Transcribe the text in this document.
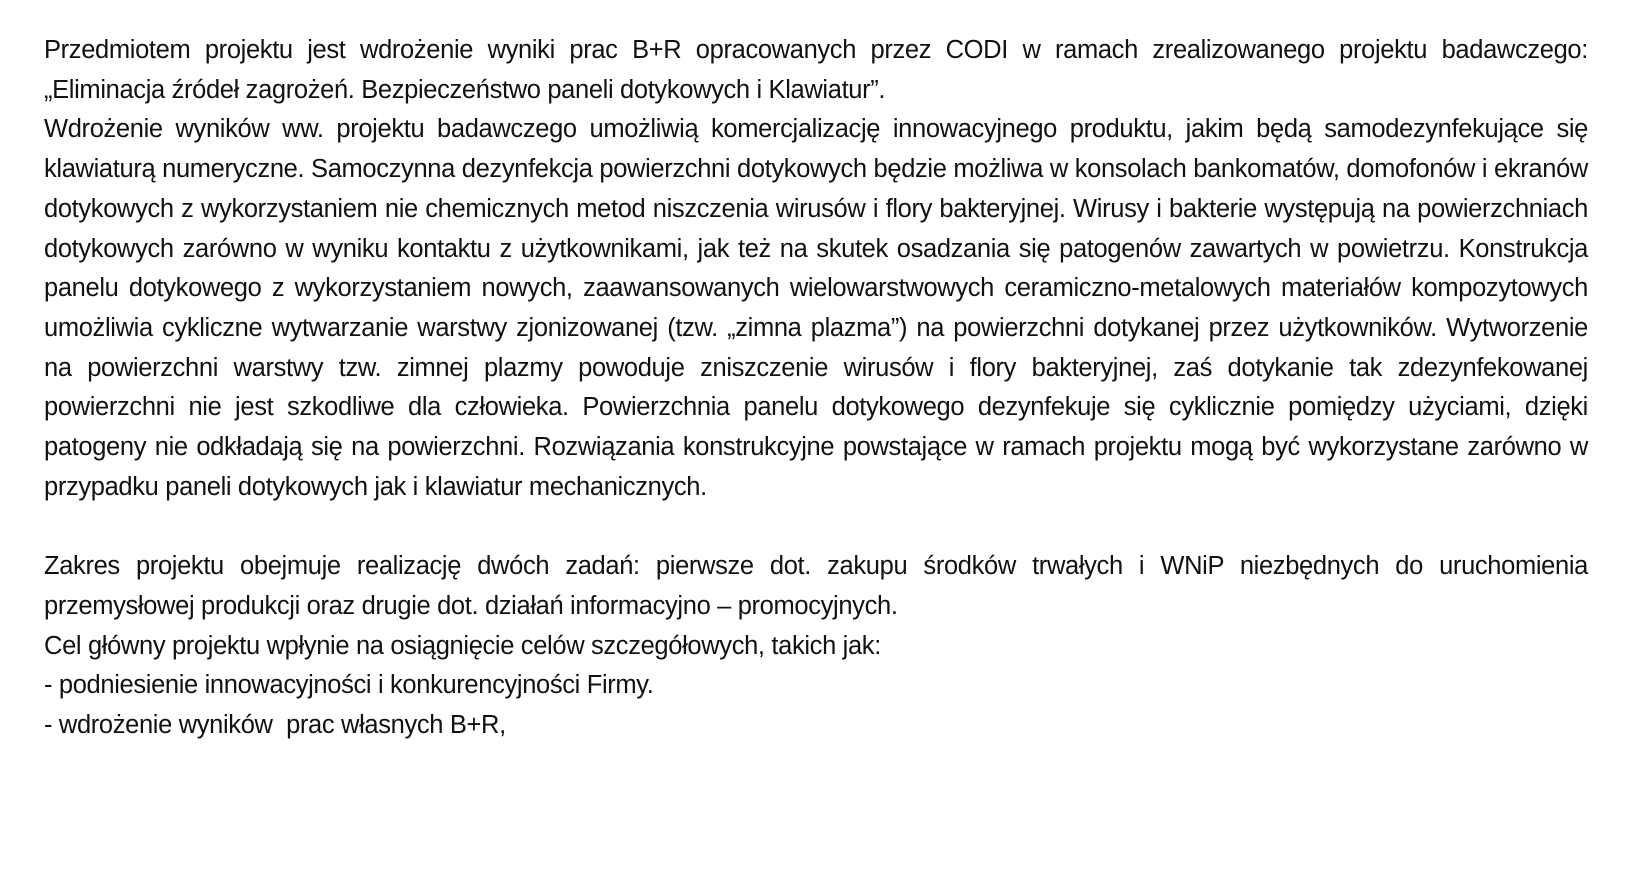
Przedmiotem projektu jest wdrożenie wyniki prac B+R opracowanych przez CODI w ramach zrealizowanego projektu badawczego: „Eliminacja źródeł zagrożeń. Bezpieczeństwo paneli dotykowych i Klawiatur”.

Wdrożenie wyników ww. projektu badawczego umożliwią komercjalizację innowacyjnego produktu, jakim będą samodezynfekujące się klawiaturą numeryczne. Samoczynna dezynfekcja powierzchni dotykowych będzie możliwa w konsolach bankomatów, domofonów i ekranów dotykowych z wykorzystaniem nie chemicznych metod niszczenia wirusów i flory bakteryjnej. Wirusy i bakterie występują na powierzchniach dotykowych zarówno w wyniku kontaktu z użytkownikami, jak też na skutek osadzania się patogenów zawartych w powietrzu. Konstrukcja panelu dotykowego z wykorzystaniem nowych, zaawansowanych wielowarstwowych ceramiczno-metalowych materiałów kompozytowych umożliwia cykliczne wytwarzanie warstwy zjonizowanej (tzw. „zimna plazma”) na powierzchni dotykanej przez użytkowników. Wytworzenie na powierzchni warstwy tzw. zimnej plazmy powoduje zniszczenie wirusów i flory bakteryjnej, zaś dotykanie tak zdezynfekowanej powierzchni nie jest szkodliwe dla człowieka. Powierzchnia panelu dotykowego dezynfekuje się cyklicznie pomiędzy użyciami, dzięki patogeny nie odkładają się na powierzchni. Rozwiązania konstrukcyjne powstające w ramach projektu mogą być wykorzystane zarówno w przypadku paneli dotykowych jak i klawiatur mechanicznych.

Zakres projektu obejmuje realizację dwóch zadań: pierwsze dot. zakupu środków trwałych i WNiP niezbędnych do uruchomienia przemysłowej produkcji oraz drugie dot. działań informacyjno – promocyjnych.

Cel główny projektu wpłynie na osiągnięcie celów szczegółowych, takich jak:

- podniesienie innowacyjności i konkurencyjności Firmy.

- wdrożenie wyników  prac własnych B+R,
